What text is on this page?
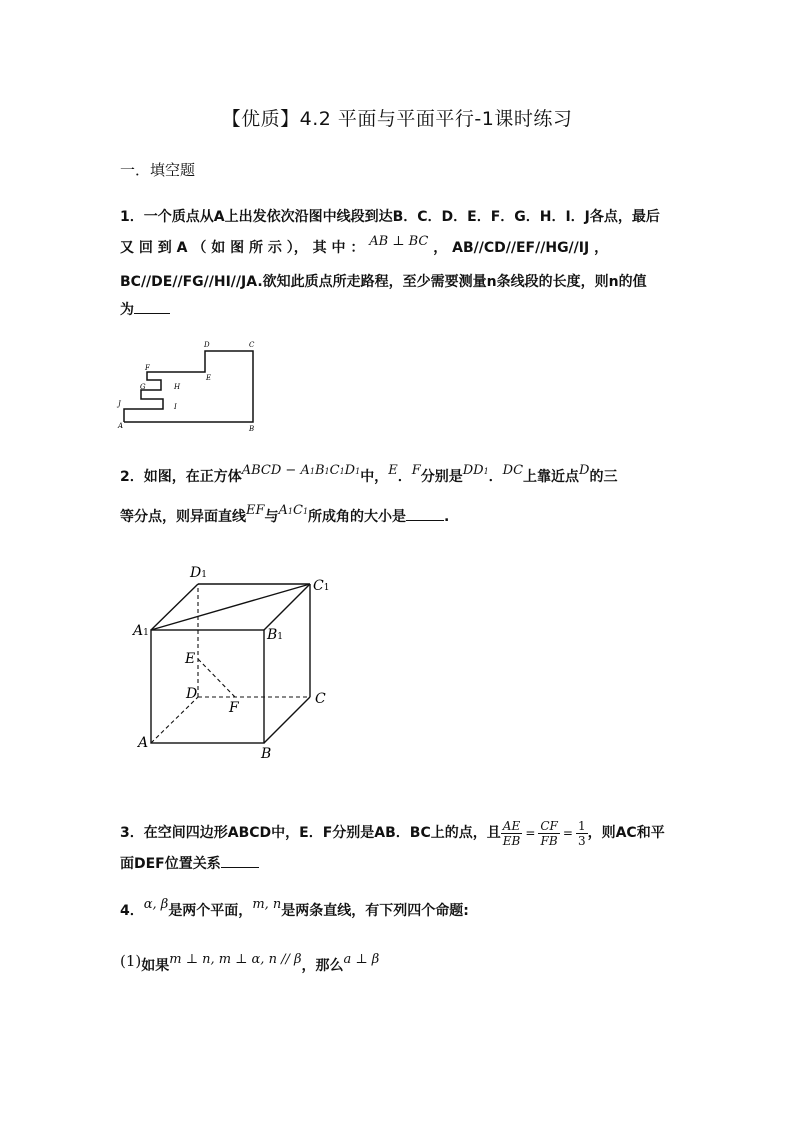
【优质】4.2 平面与平面平行-1课时练习
一．填空题
1．一个质点从A上出发依次沿图中线段到达B．C．D．E．F．G．H．I．J各点，最后
又 回 到 A （ 如 图 所 示 ）， 其 中 ： AB ⊥ BC ， AB//CD//EF//HG//IJ ，
BC//DE//FG//HI//JA.欲知此质点所走路程，至少需要测量n条线段的长度，则n的值
为
A	B
C
D
E
F
G	H
I
J
2．如图，在正方体ABCD − A1B1C1D1中，E．F分别是DD1．DC上靠近点D的三
等分点，则异面直线EF与A1C1所成角的大小是	.
A
B
C
D
E
F
A1	B1
C1
D1
3．在空间四边形ABCD中，E．F分别是AB．BC上的点，且 $\frac{AE}{EB} = \frac{CF}{FB} = \frac{1}{3}$ ，则AC和平
面DEF位置关系
4．α, β是两个平面，m, n是两条直线，有下列四个命题:
(1)如果m ⊥ n, m ⊥ α, n // β，那么a ⊥ β
